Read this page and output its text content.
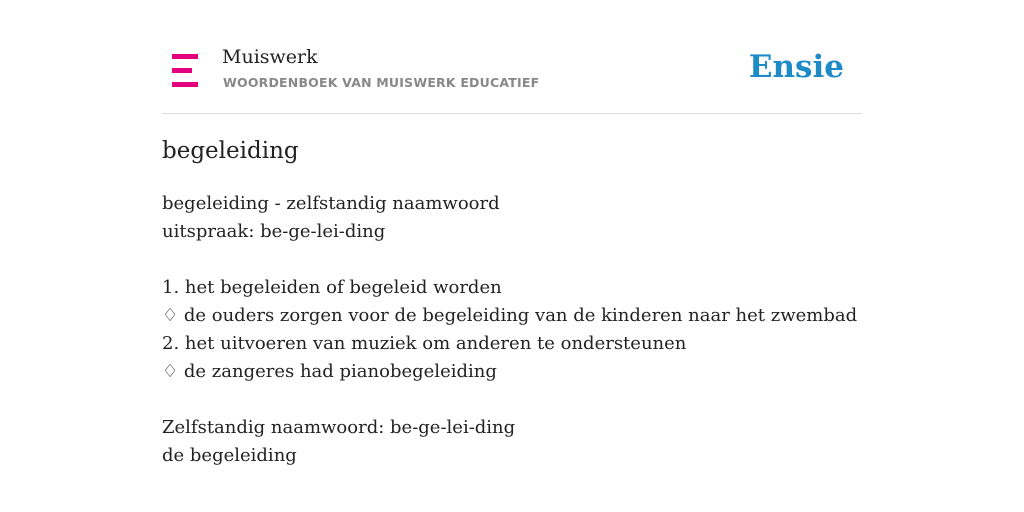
Muiswerk
WOORDENBOEK VAN MUISWERK EDUCATIEF	Ensie
begeleiding
begeleiding - zelfstandig naamwoord
uitspraak: be-ge-lei-ding
1. het begeleiden of begeleid worden
♢ de ouders zorgen voor de begeleiding van de kinderen naar het zwembad
2. het uitvoeren van muziek om anderen te ondersteunen
♢ de zangeres had pianobegeleiding
Zelfstandig naamwoord: be-ge-lei-ding
de begeleiding
